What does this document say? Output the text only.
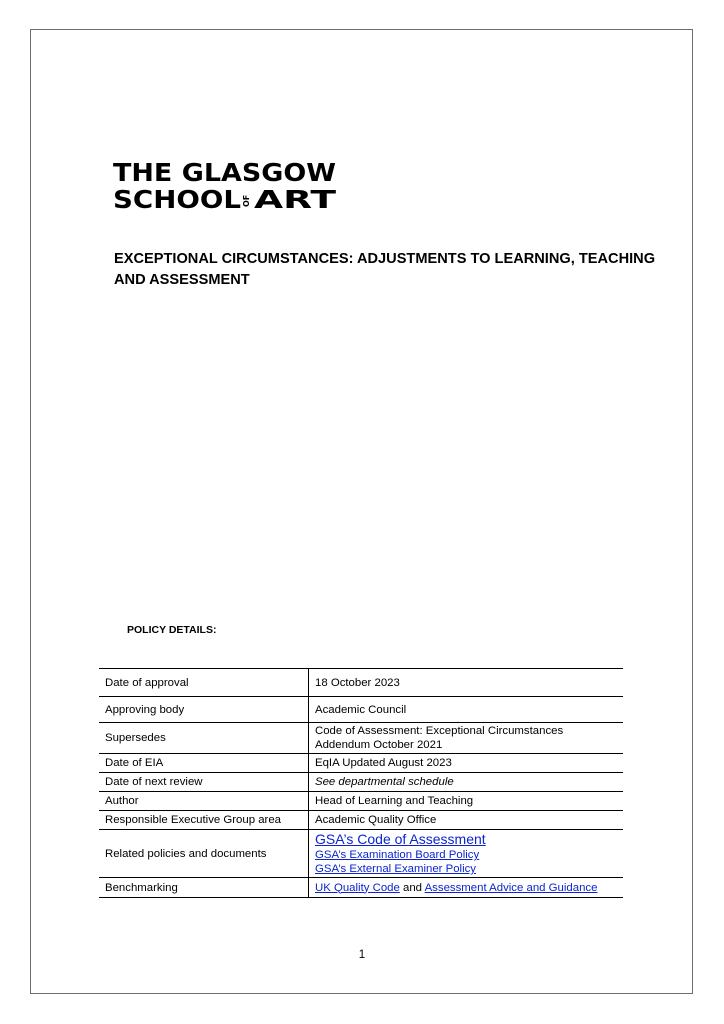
THE GLASGOW
SCHOOL ART
OF
EXCEPTIONAL CIRCUMSTANCES: ADJUSTMENTS TO LEARNING, TEACHING AND ASSESSMENT

POLICY DETAILS:

Date of approval	18 October 2023
Approving body	Academic Council
Supersedes	Code of Assessment: Exceptional Circumstances
Addendum October 2021

Date of EIA	EqIA Updated August 2023
Date of next review	See departmental schedule
Author	Head of Learning and Teaching
Responsible Executive Group area	Academic Quality Office
Related policies and documents	GSA’s Code of Assessment
GSA’s Examination Board Policy
GSA’s External Examiner Policy

Benchmarking	UK Quality Code and Assessment Advice and Guidance
1
